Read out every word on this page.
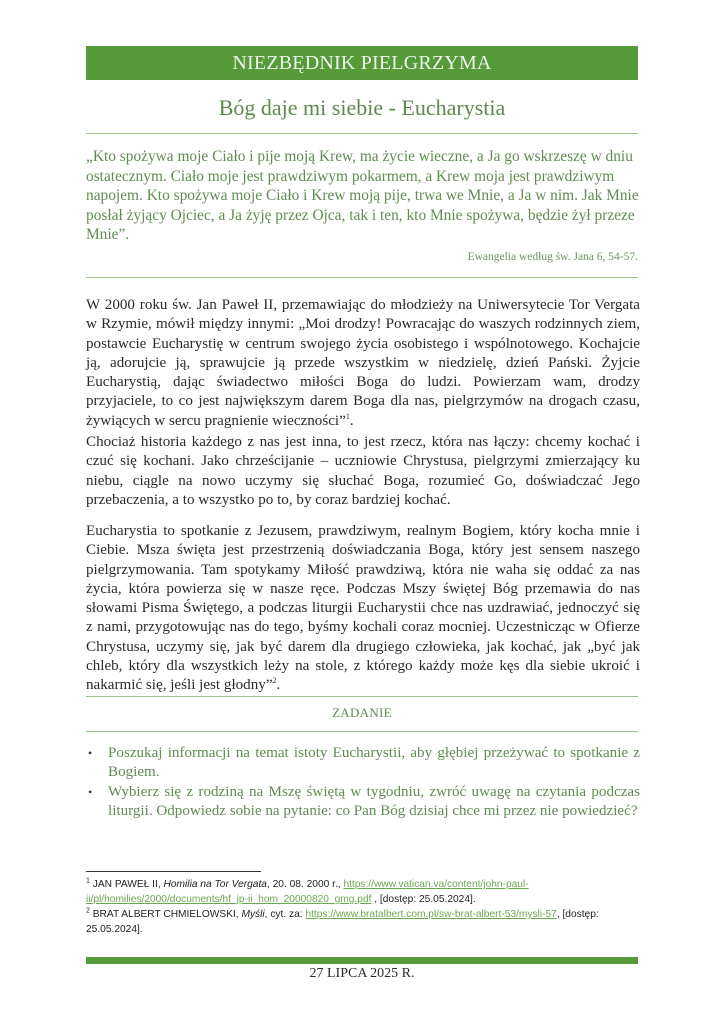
NIEZBĘDNIK PIELGRZYMA
Bóg daje mi siebie - Eucharystia

„Kto spożywa moje Ciało i pije moją Krew, ma życie wieczne, a Ja go wskrzeszę w dniu ostatecznym. Ciało moje jest prawdziwym pokarmem, a Krew moja jest prawdziwym napojem. Kto spożywa moje Ciało i Krew moją pije, trwa we Mnie, a Ja w nim. Jak Mnie posłał żyjący Ojciec, a Ja żyję przez Ojca, tak i ten, kto Mnie spożywa, będzie żył przeze Mnie”.

Ewangelia według św. Jana 6, 54-57.

W 2000 roku św. Jan Paweł II, przemawiając do młodzieży na Uniwersytecie Tor Vergata w Rzymie, mówił między innymi: „Moi drodzy! Powracając do waszych rodzinnych ziem, postawcie Eucharystię w centrum swojego życia osobistego i wspólnotowego. Kochajcie ją, adorujcie ją, sprawujcie ją przede wszystkim w niedzielę, dzień Pański. Żyjcie Eucharystią, dając świadectwo miłości Boga do ludzi. Powierzam wam, drodzy przyjaciele, to co jest największym darem Boga dla nas, pielgrzymów na drogach czasu, żywiących w sercu pragnienie wieczności”$^1$.

Chociaż historia każdego z nas jest inna, to jest rzecz, która nas łączy: chcemy kochać i czuć się kochani. Jako chrześcijanie – uczniowie Chrystusa, pielgrzymi zmierzający ku niebu, ciągle na nowo uczymy się słuchać Boga, rozumieć Go, doświadczać Jego przebaczenia, a to wszystko po to, by coraz bardziej kochać.

Eucharystia to spotkanie z Jezusem, prawdziwym, realnym Bogiem, który kocha mnie i Ciebie. Msza święta jest przestrzenią doświadczania Boga, który jest sensem naszego pielgrzymowania. Tam spotykamy Miłość prawdziwą, która nie waha się oddać za nas życia, która powierza się w nasze ręce. Podczas Mszy świętej Bóg przemawia do nas słowami Pisma Świętego, a podczas liturgii Eucharystii chce nas uzdrawiać, jednoczyć się z nami, przygotowując nas do tego, byśmy kochali coraz mocniej. Uczestnicząc w Ofierze Chrystusa, uczymy się, jak być darem dla drugiego człowieka, jak kochać, jak „być jak chleb, który dla wszystkich leży na stole, z którego każdy może kęs dla siebie ukroić i nakarmić się, jeśli jest głodny”$^2$.

ZADANIE
• Poszukaj informacji na temat istoty Eucharystii, aby głębiej przeżywać to spotkanie z Bogiem.
• Wybierz się z rodziną na Mszę świętą w tygodniu, zwróć uwagę na czytania podczas liturgii. Odpowiedz sobie na pytanie: co Pan Bóg dzisiaj chce mi przez nie powiedzieć?

$^1$ JAN PAWEŁ II, Homilia na Tor Vergata, 20. 08. 2000 r., https://www.vatican.va/content/john-paul-ii/pl/homilies/2000/documents/hf_jp-ii_hom_20000820_gmg.pdf , [dostęp: 25.05.2024].

$^2$ BRAT ALBERT CHMIELOWSKI, Myśli, cyt. za: https://www.bratalbert.com.pl/sw-brat-albert-53/mysli-57, [dostęp: 25.05.2024].

27 LIPCA 2025 R.
